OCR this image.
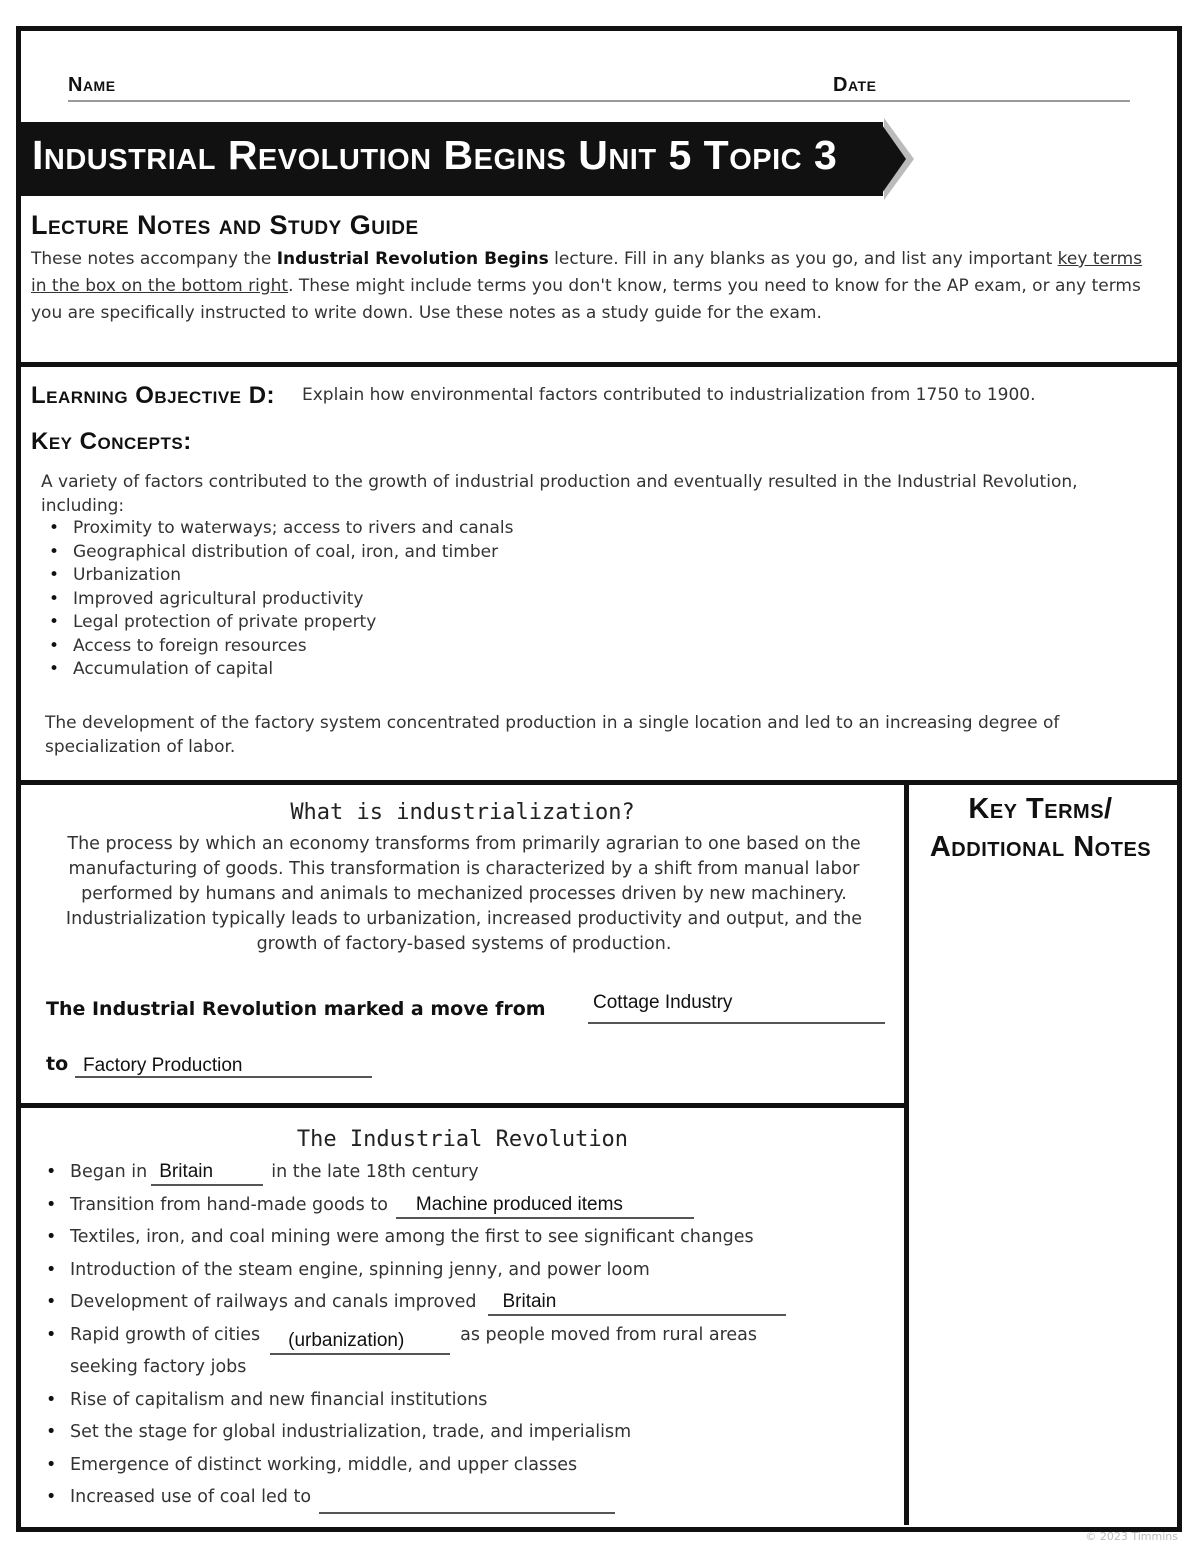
Name	Date
Industrial Revolution Begins Unit 5 Topic 3
Lecture Notes and Study Guide
These notes accompany the Industrial Revolution Begins lecture. Fill in any blanks as you go, and list any important key terms in the box on the bottom right. These might include terms you don't know, terms you need to know for the AP exam, or any terms you are specifically instructed to write down. Use these notes as a study guide for the exam.
Learning Objective D: Explain how environmental factors contributed to industrialization from 1750 to 1900.
Key Concepts:
A variety of factors contributed to the growth of industrial production and eventually resulted in the Industrial Revolution, including:
• Proximity to waterways; access to rivers and canals
• Geographical distribution of coal, iron, and timber
• Urbanization
• Improved agricultural productivity
• Legal protection of private property
• Access to foreign resources
• Accumulation of capital
The development of the factory system concentrated production in a single location and led to an increasing degree of specialization of labor.
What is industrialization?
The process by which an economy transforms from primarily agrarian to one based on the manufacturing of goods. This transformation is characterized by a shift from manual labor performed by humans and animals to mechanized processes driven by new machinery. Industrialization typically leads to urbanization, increased productivity and output, and the growth of factory-based systems of production.
The Industrial Revolution marked a move from Cottage Industry
to Factory Production
Key Terms/
Additional Notes
The Industrial Revolution
• Began in Britain	in the late 18th century
• Transition from hand-made goods to Machine produced items
• Textiles, iron, and coal mining were among the first to see significant changes
• Introduction of the steam engine, spinning jenny, and power loom
• Development of railways and canals improved Britain
• Rapid growth of cities (urbanization)	as people moved from rural areas
seeking factory jobs
• Rise of capitalism and new financial institutions
• Set the stage for global industrialization, trade, and imperialism
• Emergence of distinct working, middle, and upper classes
• Increased use of coal led to
© 2023 Timmins
